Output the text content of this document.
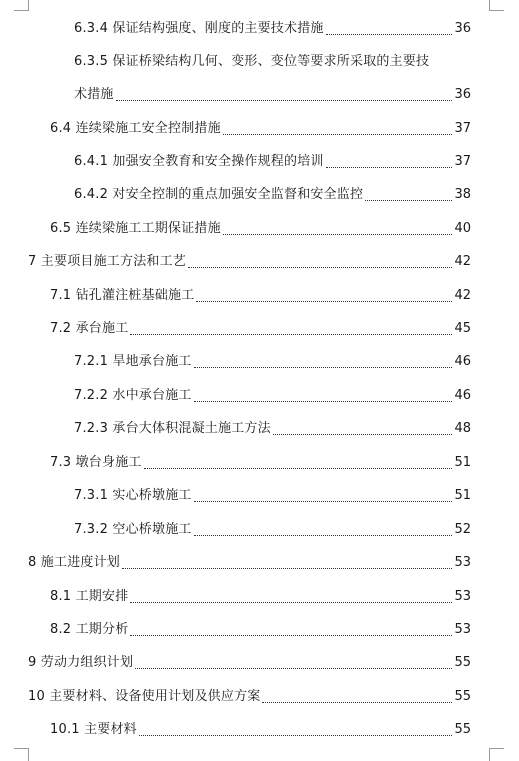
6.3.4 保证结构强度、刚度的主要技术措施	36
6.3.5 保证桥梁结构几何、变形、变位等要求所采取的主要技
术措施	36
6.4 连续梁施工安全控制措施	37
6.4.1 加强安全教育和安全操作规程的培训	37
6.4.2 对安全控制的重点加强安全监督和安全监控	38
6.5 连续梁施工工期保证措施	40
7 主要项目施工方法和工艺	42
7.1 钻孔灌注桩基础施工	42
7.2 承台施工	45
7.2.1 旱地承台施工	46
7.2.2 水中承台施工	46
7.2.3 承台大体积混凝土施工方法	48
7.3 墩台身施工	51
7.3.1 实心桥墩施工	51
7.3.2 空心桥墩施工	52
8 施工进度计划	53
8.1 工期安排	53
8.2 工期分析	53
9 劳动力组织计划	55
10 主要材料、设备使用计划及供应方案	55
10.1 主要材料	55
